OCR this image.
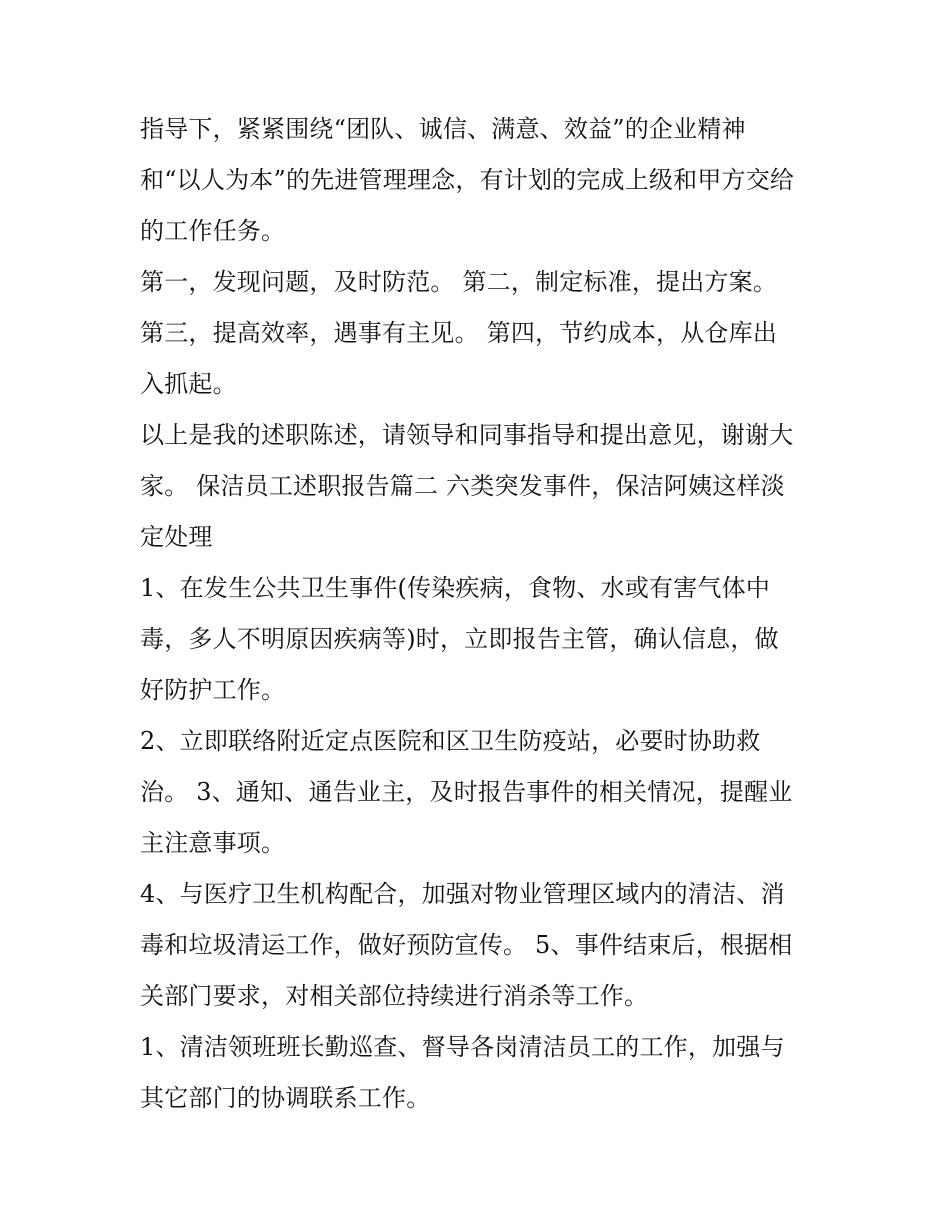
指导下，紧紧围绕“团队、诚信、满意、效益”的企业精神
和“以人为本”的先进管理理念，有计划的完成上级和甲方交给
的工作任务。
第一，发现问题，及时防范。 第二，制定标准，提出方案。
第三，提高效率，遇事有主见。 第四，节约成本，从仓库出
入抓起。
以上是我的述职陈述，请领导和同事指导和提出意见，谢谢大
家。 保洁员工述职报告篇二 六类突发事件，保洁阿姨这样淡
定处理
1、在发生公共卫生事件(传染疾病，食物、水或有害气体中
毒，多人不明原因疾病等)时，立即报告主管，确认信息，做
好防护工作。
2、立即联络附近定点医院和区卫生防疫站，必要时协助救
治。 3、通知、通告业主，及时报告事件的相关情况，提醒业
主注意事项。
4、与医疗卫生机构配合，加强对物业管理区域内的清洁、消
毒和垃圾清运工作，做好预防宣传。 5、事件结束后，根据相
关部门要求，对相关部位持续进行消杀等工作。
1、清洁领班班长勤巡查、督导各岗清洁员工的工作，加强与
其它部门的协调联系工作。
